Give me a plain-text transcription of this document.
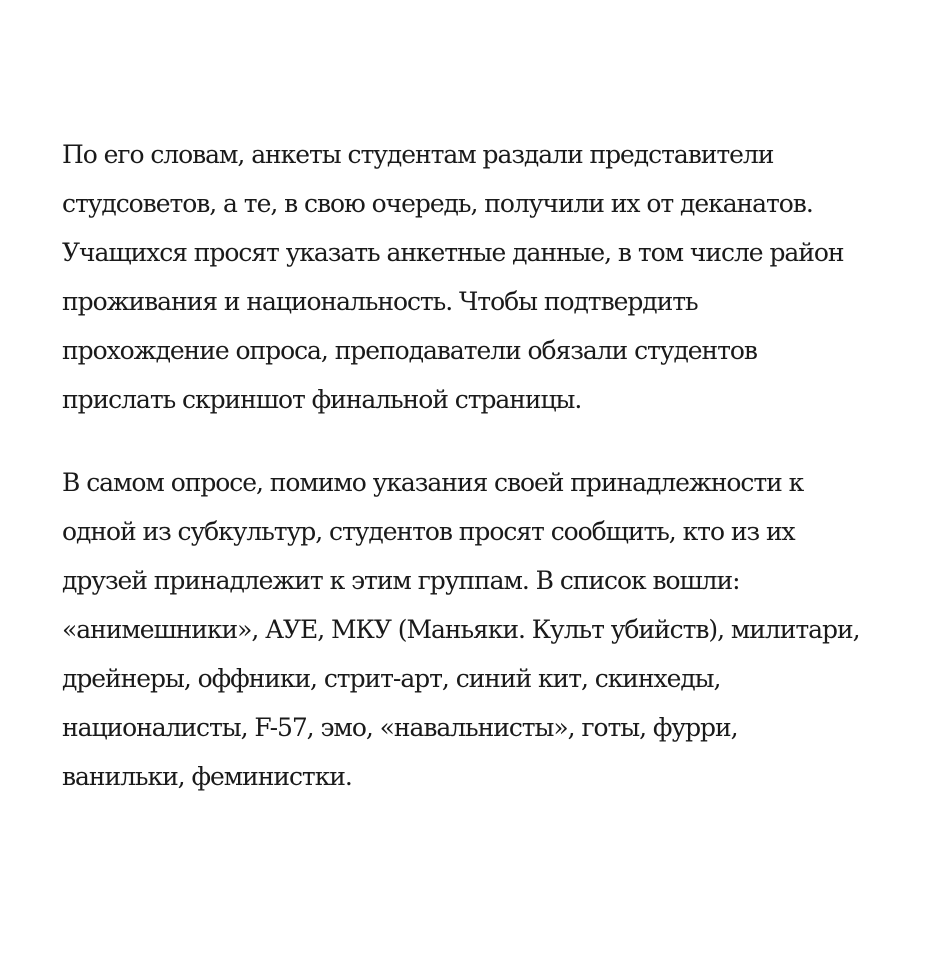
По его словам, анкеты студентам раздали представители
студсоветов, а те, в свою очередь, получили их от деканатов.
Учащихся просят указать анкетные данные, в том числе район
проживания и национальность. Чтобы подтвердить
прохождение опроса, преподаватели обязали студентов
прислать скриншот финальной страницы.

В самом опросе, помимо указания своей принадлежности к
одной из субкультур, студентов просят сообщить, кто из их
друзей принадлежит к этим группам. В список вошли:
«анимешники», АУЕ, МКУ (Маньяки. Культ убийств), милитари,
дрейнеры, оффники, стрит-арт, синий кит, скинхеды,
националисты, F-57, эмо, «навальнисты», готы, фурри,
ванильки, феминистки.
